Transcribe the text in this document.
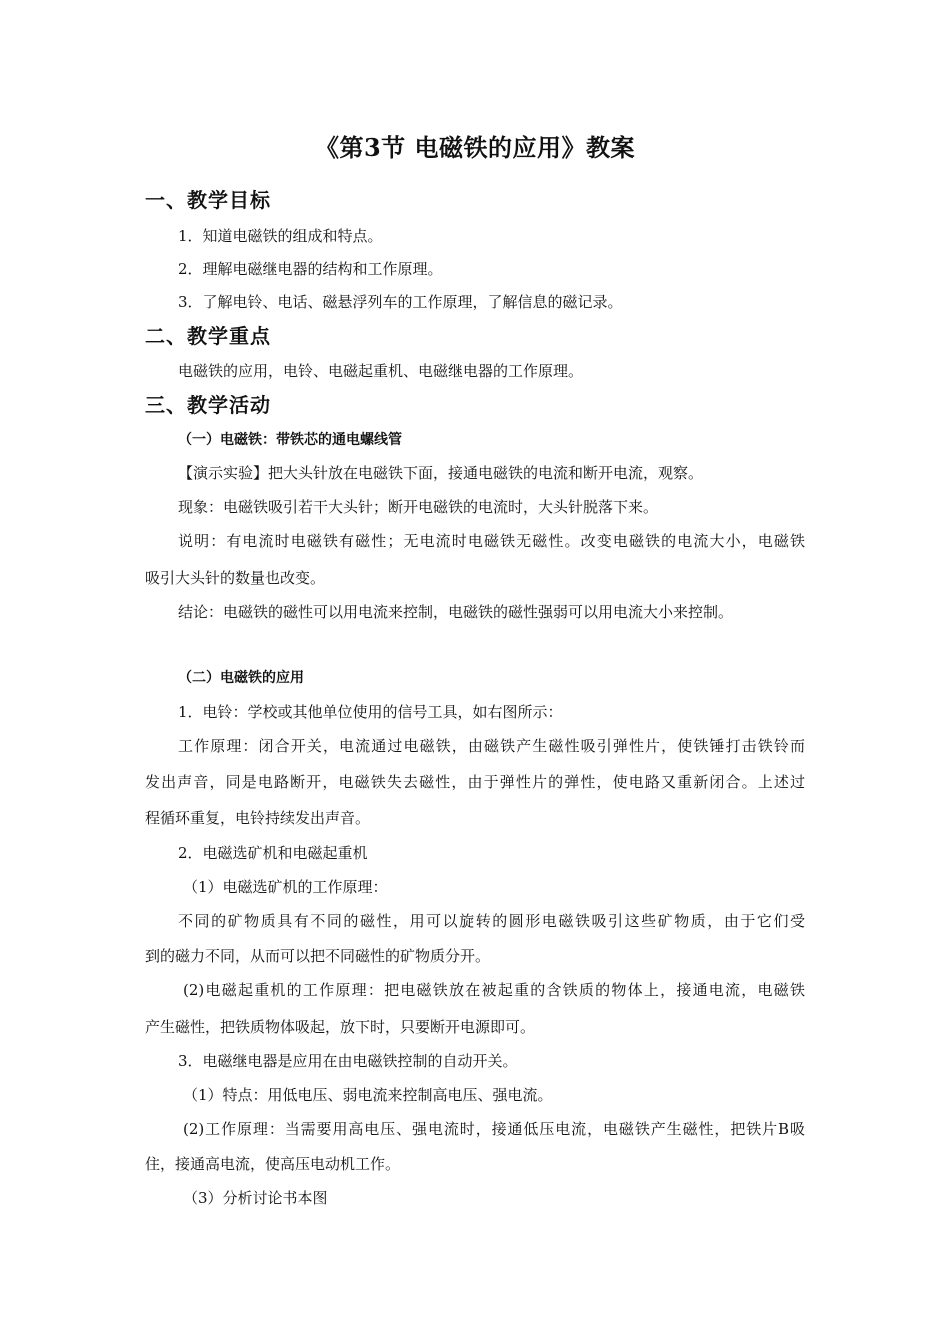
《第3节 电磁铁的应用》教案
一、教学目标
1．知道电磁铁的组成和特点。
2．理解电磁继电器的结构和工作原理。
3．了解电铃、电话、磁悬浮列车的工作原理，了解信息的磁记录。
二、教学重点
电磁铁的应用，电铃、电磁起重机、电磁继电器的工作原理。
三、教学活动
（一）电磁铁：带铁芯的通电螺线管
【演示实验】把大头针放在电磁铁下面，接通电磁铁的电流和断开电流，观察。
现象：电磁铁吸引若干大头针；断开电磁铁的电流时，大头针脱落下来。
说明：有电流时电磁铁有磁性；无电流时电磁铁无磁性。改变电磁铁的电流大小，电磁铁
吸引大头针的数量也改变。
结论：电磁铁的磁性可以用电流来控制，电磁铁的磁性强弱可以用电流大小来控制。
（二）电磁铁的应用
1．电铃：学校或其他单位使用的信号工具，如右图所示：
工作原理：闭合开关，电流通过电磁铁，由磁铁产生磁性吸引弹性片，使铁锤打击铁铃而
发出声音，同是电路断开，电磁铁失去磁性，由于弹性片的弹性，使电路又重新闭合。上述过
程循环重复，电铃持续发出声音。
2．电磁选矿机和电磁起重机
（1）电磁选矿机的工作原理：
不同的矿物质具有不同的磁性，用可以旋转的圆形电磁铁吸引这些矿物质，由于它们受
到的磁力不同，从而可以把不同磁性的矿物质分开。
(2)电磁起重机的工作原理：把电磁铁放在被起重的含铁质的物体上，接通电流，电磁铁
产生磁性，把铁质物体吸起，放下时，只要断开电源即可。
3．电磁继电器是应用在由电磁铁控制的自动开关。
（1）特点：用低电压、弱电流来控制高电压、强电流。
(2)工作原理：当需要用高电压、强电流时，接通低压电流，电磁铁产生磁性，把铁片B吸
住，接通高电流，使高压电动机工作。
（3）分析讨论书本图
